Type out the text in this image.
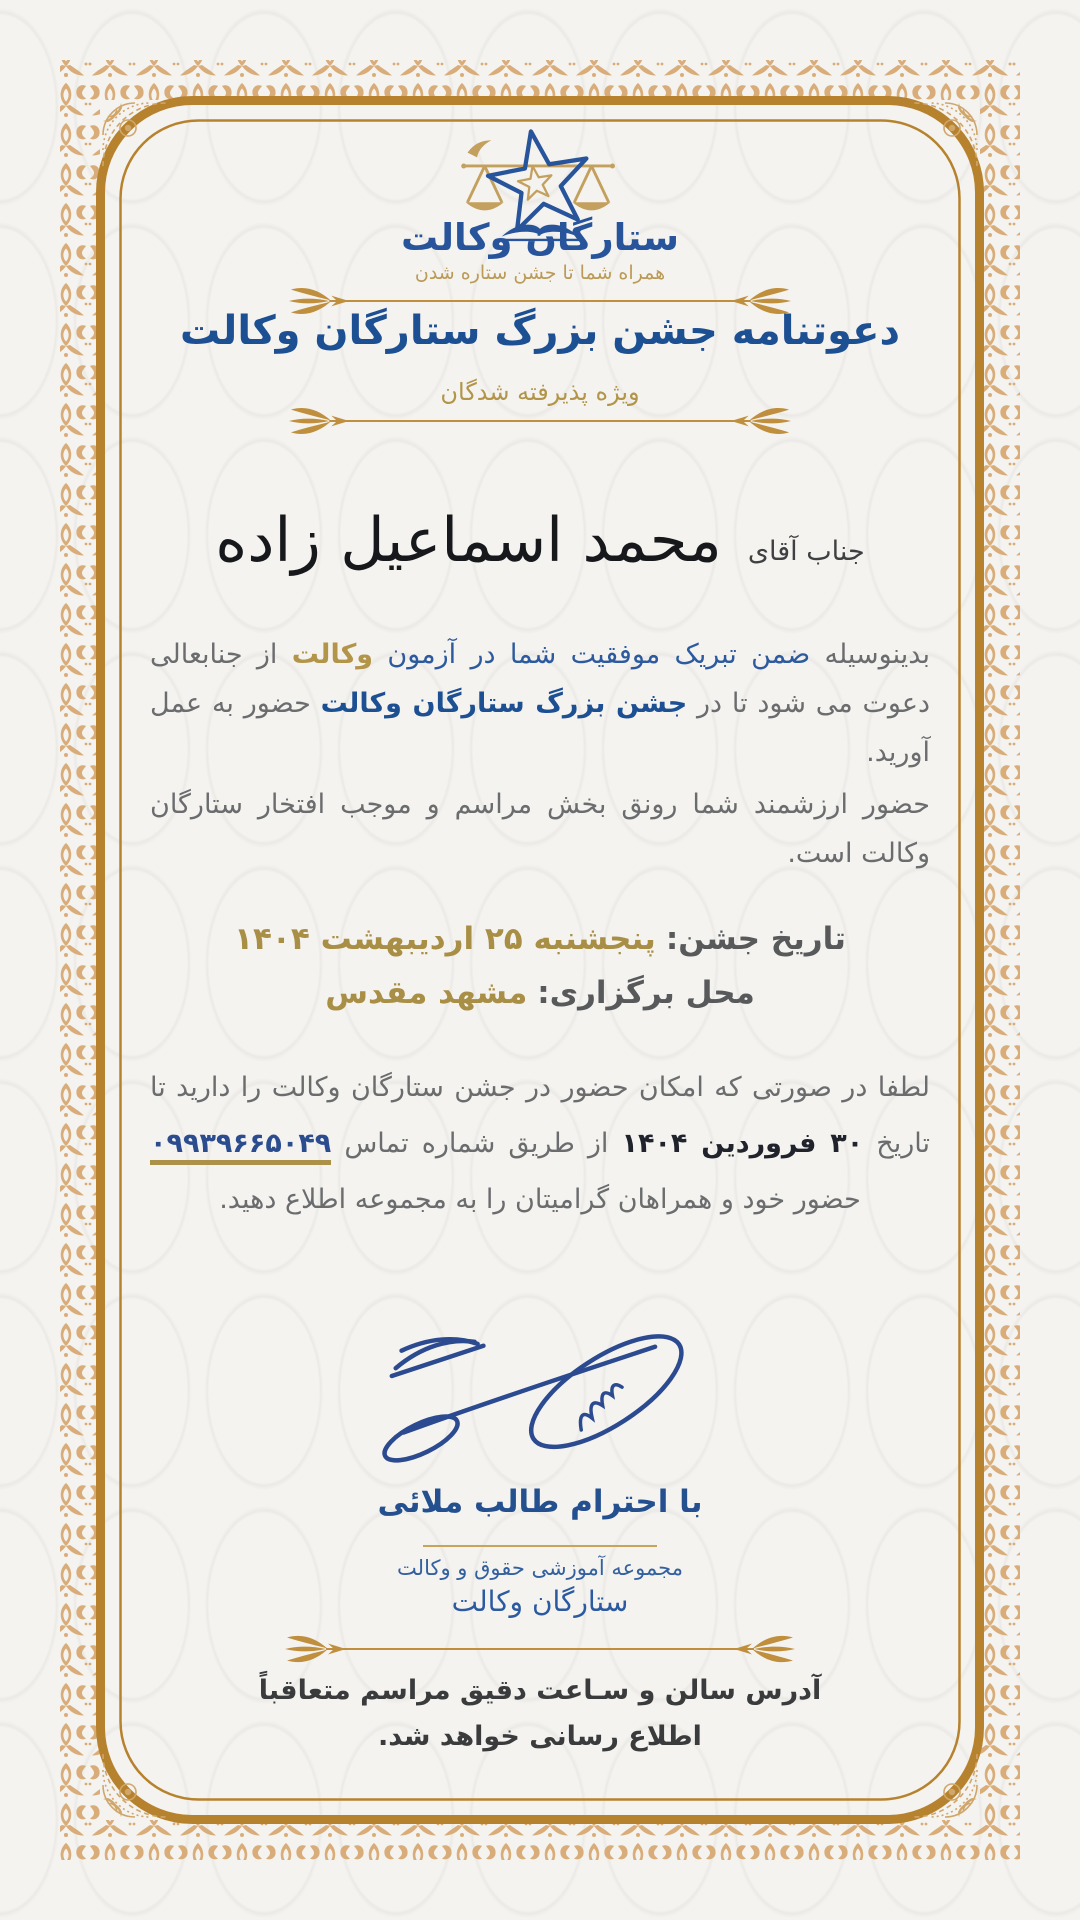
ستارگان وکالت
همراه شما تا جشن ستاره شدن
دعوتنامه جشن بزرگ ستارگان وکالت
ویژه پذیرفته شدگان
جناب آقای
محمد اسماعیل زاده

بدینوسیله ضمن تبریک موفقیت شما در آزمون وکالت از جنابعالی دعوت می شود تا در جشن بزرگ ستارگان وکالت حضور به عمل آورید.

حضور ارزشمند شما رونق بخش مراسم و موجب افتخار ستارگان وکالت است.

تاریخ جشن:پنجشنبه ۲۵ اردیبهشت ۱۴۰۴
محل برگزاری:مشهد مقدس

لطفا در صورتی که امکان حضور در جشن ستارگان وکالت را دارید تا تاریخ ۳۰ فروردین ۱۴۰۴ از طریق شماره تماس ۰۹۹۳۹۶۶۵۰۴۹ حضور خود و همراهان گرامیتان را به مجموعه اطلاع دهید.

با احترام طالب ملائی
مجموعه آموزشی حقوق و وکالت
ستارگان وکالت
آدرس سالن و سـاعت دقیق مراسم متعاقباً
اطلاع رسانی خواهد شد.
